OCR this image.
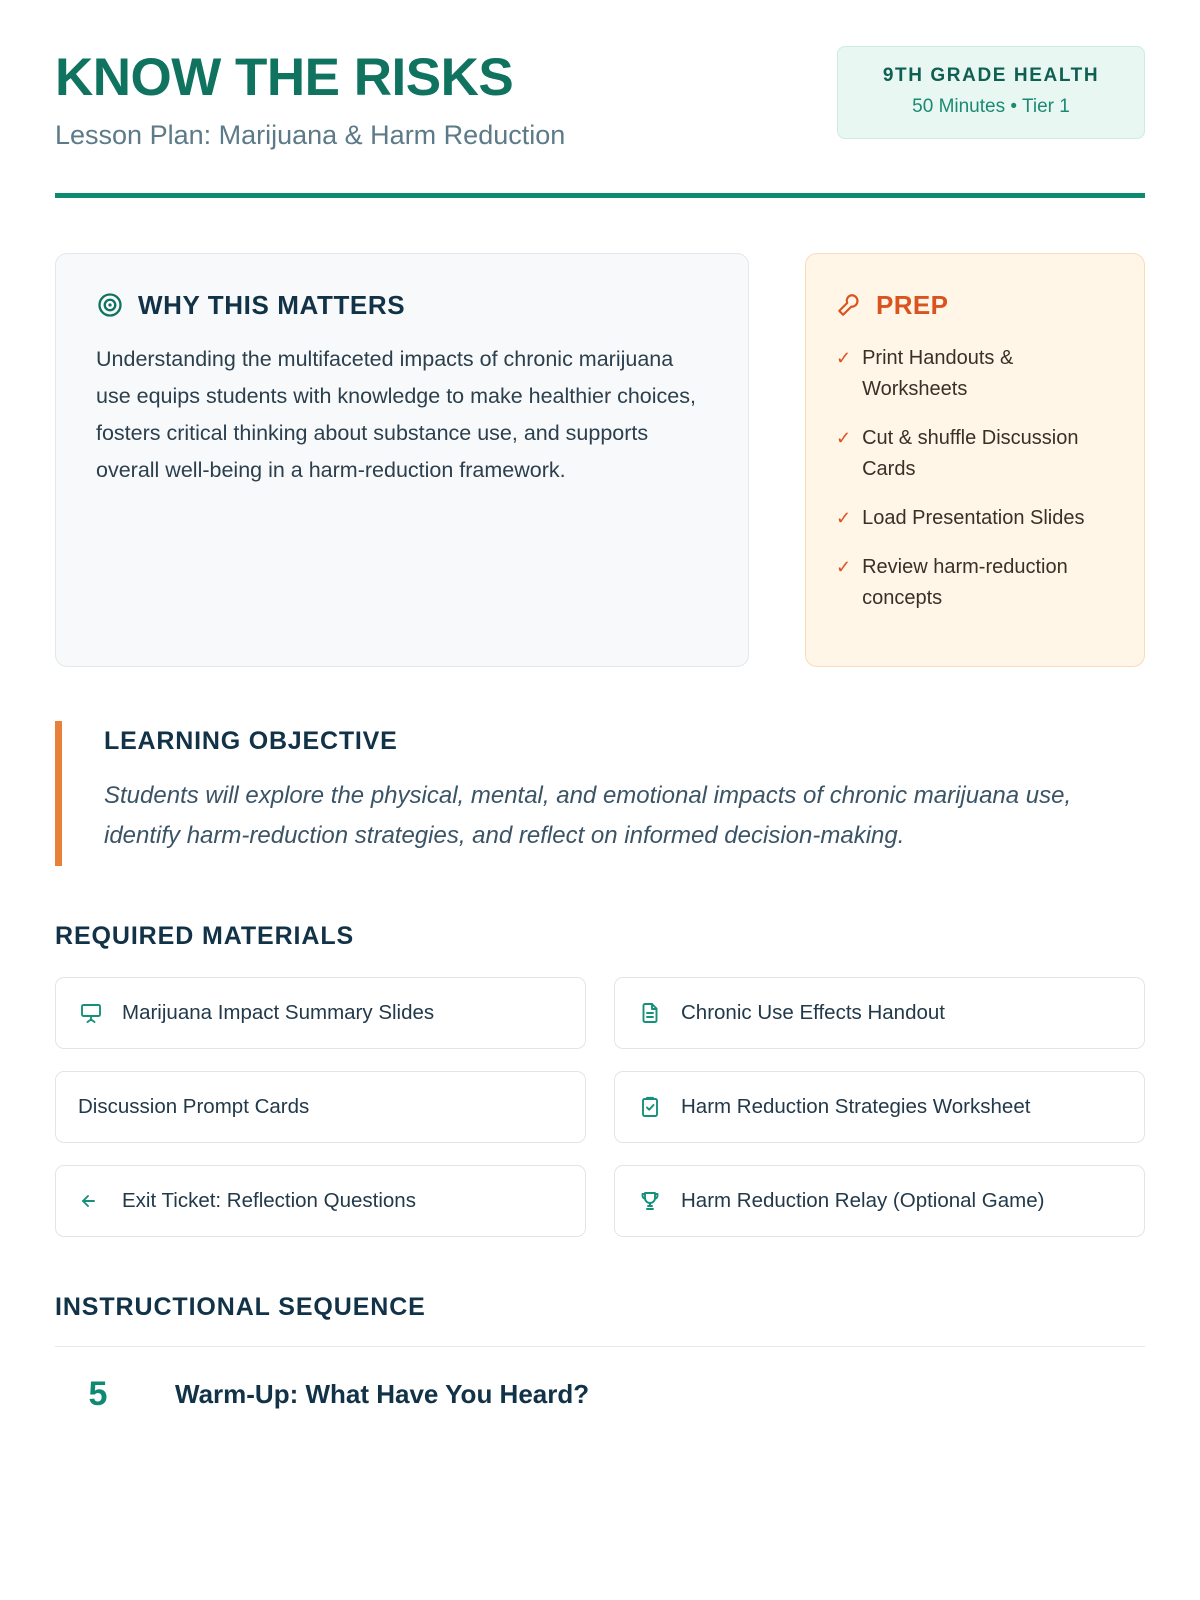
KNOW THE RISKS
Lesson Plan: Marijuana & Harm Reduction
9TH GRADE HEALTH
50 Minutes • Tier 1
WHY THIS MATTERS
Understanding the multifaceted impacts of chronic marijuana use equips students with knowledge to make healthier choices, fosters critical thinking about substance use, and supports overall well-being in a harm-reduction framework.
PREP
✓ Print Handouts & Worksheets
✓ Cut & shuffle Discussion Cards
✓ Load Presentation Slides
✓ Review harm-reduction concepts
LEARNING OBJECTIVE
Students will explore the physical, mental, and emotional impacts of chronic marijuana use, identify harm-reduction strategies, and reflect on informed decision-making.
REQUIRED MATERIALS
Marijuana Impact Summary Slides	Chronic Use Effects Handout
Discussion Prompt Cards	Harm Reduction Strategies Worksheet
Exit Ticket: Reflection Questions	Harm Reduction Relay (Optional Game)
INSTRUCTIONAL SEQUENCE
5	Warm-Up: What Have You Heard?
